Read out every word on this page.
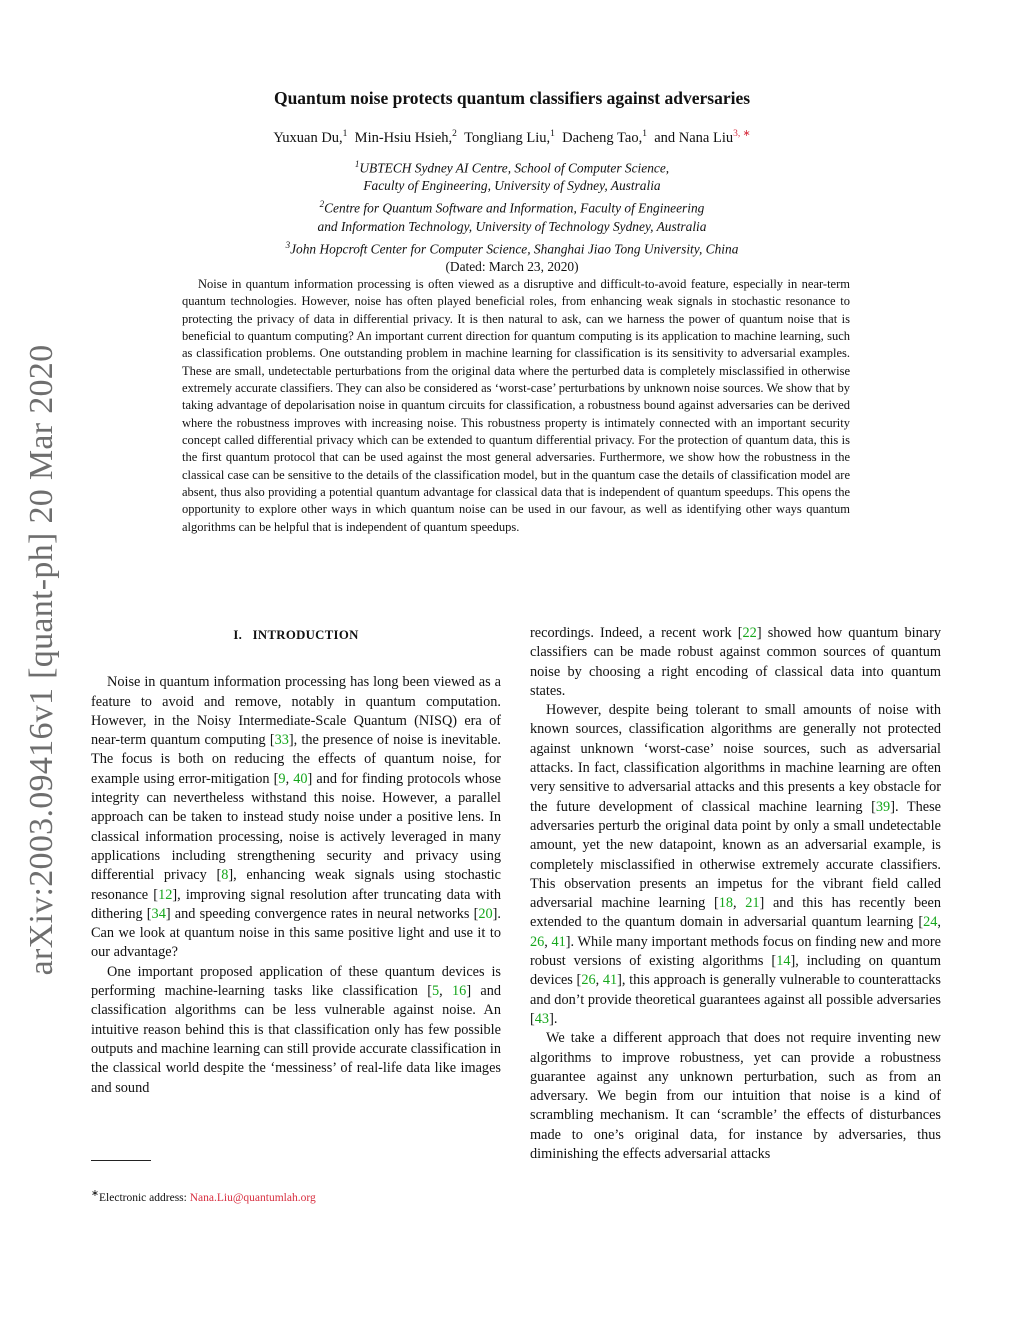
arXiv:2003.09416v1 [quant-ph] 20 Mar 2020
Quantum noise protects quantum classifiers against adversaries
Yuxuan Du,$^1$ Min-Hsiu Hsieh,$^2$ Tongliang Liu,$^1$ Dacheng Tao,$^1$ and Nana Liu$^{3, ∗}$
$^1$UBTECH Sydney AI Centre, School of Computer Science,
Faculty of Engineering, University of Sydney, Australia
$^2$Centre for Quantum Software and Information, Faculty of Engineering
and Information Technology, University of Technology Sydney, Australia
$^3$John Hopcroft Center for Computer Science, Shanghai Jiao Tong University, China
(Dated: March 23, 2020)

Noise in quantum information processing is often viewed as a disruptive and difficult-to-avoid feature, especially in near-term quantum technologies. However, noise has often played beneficial roles, from enhancing weak signals in stochastic resonance to protecting the privacy of data in differential privacy. It is then natural to ask, can we harness the power of quantum noise that is beneficial to quantum computing? An important current direction for quantum computing is its application to machine learning, such as classification problems. One outstanding problem in machine learning for classification is its sensitivity to adversarial examples. These are small, undetectable perturbations from the original data where the perturbed data is completely misclassified in otherwise extremely accurate classifiers. They can also be considered as ‘worst-case’ perturbations by unknown noise sources. We show that by taking advantage of depolarisation noise in quantum circuits for classification, a robustness bound against adversaries can be derived where the robustness improves with increasing noise. This robustness property is intimately connected with an important security concept called differential privacy which can be extended to quantum differential privacy. For the protection of quantum data, this is the first quantum protocol that can be used against the most general adversaries. Furthermore, we show how the robustness in the classical case can be sensitive to the details of the classification model, but in the quantum case the details of classification model are absent, thus also providing a potential quantum advantage for classical data that is independent of quantum speedups. This opens the opportunity to explore other ways in which quantum noise can be used in our favour, as well as identifying other ways quantum algorithms can be helpful that is independent of quantum speedups.

I. INTRODUCTION

Noise in quantum information processing has long been viewed as a feature to avoid and remove, notably in quantum computation. However, in the Noisy Intermediate-Scale Quantum (NISQ) era of near-term quantum computing [33], the presence of noise is inevitable. The focus is both on reducing the effects of quantum noise, for example using error-mitigation [9, 40] and for finding protocols whose integrity can nevertheless withstand this noise. However, a parallel approach can be taken to instead study noise under a positive lens. In classical information processing, noise is actively leveraged in many applications including strengthening security and privacy using differential privacy [8], enhancing weak signals using stochastic resonance [12], improving signal resolution after truncating data with dithering [34] and speeding convergence rates in neural networks [20]. Can we look at quantum noise in this same positive light and use it to our advantage?

One important proposed application of these quantum devices is performing machine-learning tasks like classification [5, 16] and classification algorithms can be less vulnerable against noise. An intuitive reason behind this is that classification only has few possible outputs and machine learning can still provide accurate classification in the classical world despite the ‘messiness’ of real-life data like images and sound

recordings. Indeed, a recent work [22] showed how quantum binary classifiers can be made robust against common sources of quantum noise by choosing a right encoding of classical data into quantum states.

However, despite being tolerant to small amounts of noise with known sources, classification algorithms are generally not protected against unknown ‘worst-case’ noise sources, such as adversarial attacks. In fact, classification algorithms in machine learning are often very sensitive to adversarial attacks and this presents a key obstacle for the future development of classical machine learning [39]. These adversaries perturb the original data point by only a small undetectable amount, yet the new datapoint, known as an adversarial example, is completely misclassified in otherwise extremely accurate classifiers. This observation presents an impetus for the vibrant field called adversarial machine learning [18, 21] and this has recently been extended to the quantum domain in adversarial quantum learning [24, 26, 41]. While many important methods focus on finding new and more robust versions of existing algorithms [14], including on quantum devices [26, 41], this approach is generally vulnerable to counterattacks and don’t provide theoretical guarantees against all possible adversaries [43].

We take a different approach that does not require inventing new algorithms to improve robustness, yet can provide a robustness guarantee against any unknown perturbation, such as from an adversary. We begin from our intuition that noise is a kind of scrambling mechanism. It can ‘scramble’ the effects of disturbances made to one’s original data, for instance by adversaries, thus diminishing the effects adversarial attacks

∗Electronic address: Nana.Liu@quantumlah.org
